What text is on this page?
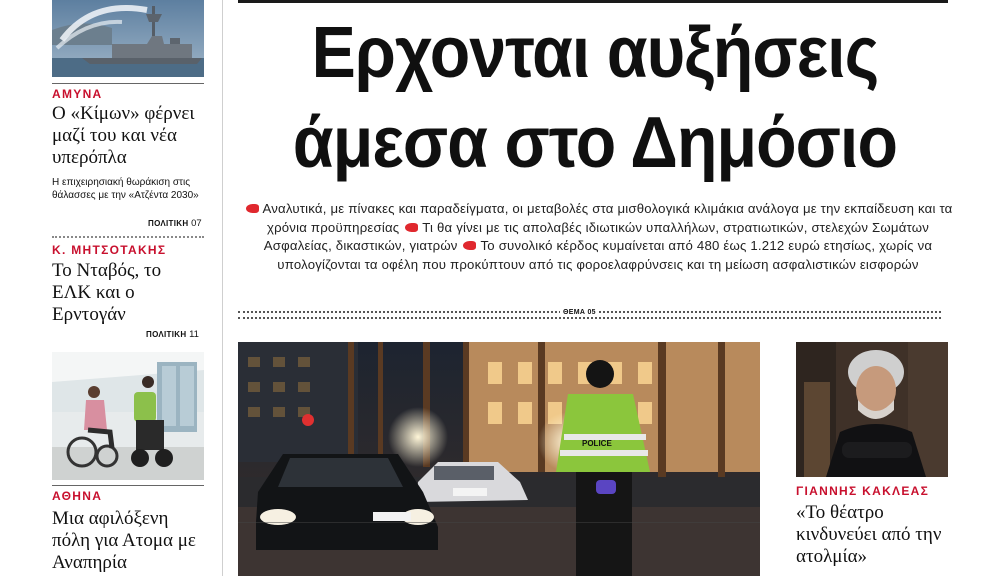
ΑΜΥΝΑ
Ο «Κίμων» φέρνει μαζί του και νέα υπερόπλα
Η επιχειρησιακή θωράκιση στις θάλασσες με την «Ατζέντα 2030»
ΠΟΛΙΤΙΚΗ 07
Κ. ΜΗΤΣΟΤΑΚΗΣ
Το Νταβός, το ΕΛΚ και ο Ερντογάν
ΠΟΛΙΤΙΚΗ 11
ΑΘΗΝΑ
Μια αφιλόξενη πόλη για Ατομα με Αναπηρία
Ερχονται αυξήσεις
άμεσα στο Δημόσιο
Αναλυτικά, με πίνακες και παραδείγματα, οι μεταβολές στα μισθολογικά κλιμάκια ανάλογα με την εκπαίδευση και τα χρόνια προϋπηρεσίας Τι θα γίνει με τις απολαβές ιδιωτικών υπαλλήλων, στρατιωτικών, στελεχών Σωμάτων Ασφαλείας, δικαστικών, γιατρών Το συνολικό κέρδος κυμαίνεται από 480 έως 1.212 ευρώ ετησίως, χωρίς να υπολογίζονται τα οφέλη που προκύπτουν από τις φοροελαφρύνσεις και τη μείωση ασφαλιστικών εισφορών
ΘΕΜΑ 05
POLICE
ΓΙΑΝΝΗΣ ΚΑΚΛΕΑΣ
«Το θέατρο κινδυνεύει από την ατολμία»
